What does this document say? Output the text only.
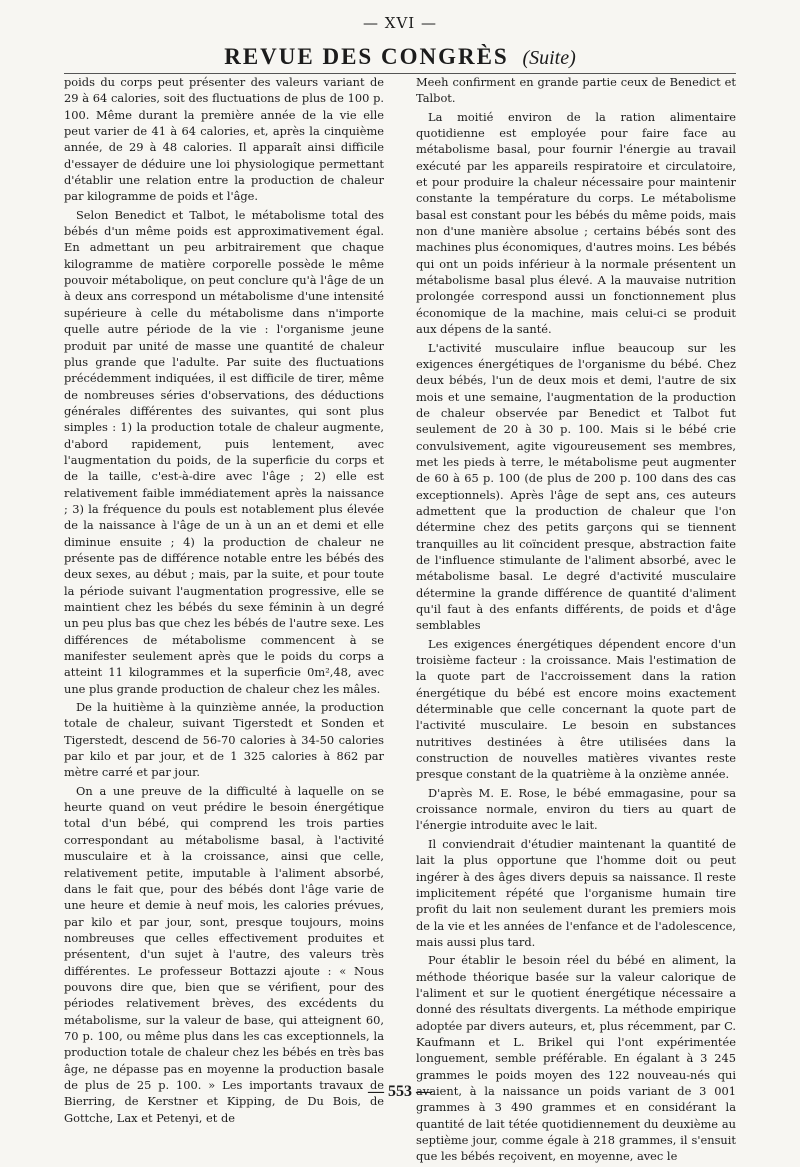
— XVI —
REVUE DES CONGRÈS (Suite)

poids du corps peut présenter des valeurs variant de 29 à 64 calories, soit des fluctuations de plus de 100 p. 100. Même durant la première année de la vie elle peut varier de 41 à 64 calories, et, après la cinquième année, de 29 à 48 calories. Il apparaît ainsi difficile d'essayer de déduire une loi physiologique permettant d'établir une relation entre la production de chaleur par kilogramme de poids et l'âge.

Selon Benedict et Talbot, le métabolisme total des bébés d'un même poids est approximativement égal. En admettant un peu arbitrairement que chaque kilogramme de matière corporelle possède le même pouvoir métabolique, on peut conclure qu'à l'âge de un à deux ans correspond un métabolisme d'une intensité supérieure à celle du métabolisme dans n'importe quelle autre période de la vie : l'organisme jeune produit par unité de masse une quantité de chaleur plus grande que l'adulte. Par suite des fluctuations précédemment indiquées, il est difficile de tirer, même de nombreuses séries d'observations, des déductions générales différentes des suivantes, qui sont plus simples : 1) la production totale de chaleur augmente, d'abord rapidement, puis lentement, avec l'augmentation du poids, de la superficie du corps et de la taille, c'est-à-dire avec l'âge ; 2) elle est relativement faible immédiatement après la naissance ; 3) la fréquence du pouls est notablement plus élevée de la naissance à l'âge de un à un an et demi et elle diminue ensuite ; 4) la production de chaleur ne présente pas de différence notable entre les bébés des deux sexes, au début ; mais, par la suite, et pour toute la période suivant l'augmentation progressive, elle se maintient chez les bébés du sexe féminin à un degré un peu plus bas que chez les bébés de l'autre sexe. Les différences de métabolisme commencent à se manifester seulement après que le poids du corps a atteint 11 kilogrammes et la superficie 0m²,48, avec une plus grande production de chaleur chez les mâles.

De la huitième à la quinzième année, la production totale de chaleur, suivant Tigerstedt et Sonden et Tigerstedt, descend de 56-70 calories à 34-50 calories par kilo et par jour, et de 1 325 calories à 862 par mètre carré et par jour.

On a une preuve de la difficulté à laquelle on se heurte quand on veut prédire le besoin énergétique total d'un bébé, qui comprend les trois parties correspondant au métabolisme basal, à l'activité musculaire et à la croissance, ainsi que celle, relativement petite, imputable à l'aliment absorbé, dans le fait que, pour des bébés dont l'âge varie de une heure et demie à neuf mois, les calories prévues, par kilo et par jour, sont, presque toujours, moins nombreuses que celles effectivement produites et présentent, d'un sujet à l'autre, des valeurs très différentes. Le professeur Bottazzi ajoute : « Nous pouvons dire que, bien que se vérifient, pour des périodes relativement brèves, des excédents du métabolisme, sur la valeur de base, qui atteignent 60, 70 p. 100, ou même plus dans les cas exceptionnels, la production totale de chaleur chez les bébés en très bas âge, ne dépasse pas en moyenne la production basale de plus de 25 p. 100. » Les importants travaux de Bierring, de Kerstner et Kipping, de Du Bois, de Gottche, Lax et Petenyi, et de

Meeh confirment en grande partie ceux de Benedict et Talbot.

La moitié environ de la ration alimentaire quotidienne est employée pour faire face au métabolisme basal, pour fournir l'énergie au travail exécuté par les appareils respiratoire et circulatoire, et pour produire la chaleur nécessaire pour maintenir constante la température du corps. Le métabolisme basal est constant pour les bébés du même poids, mais non d'une manière absolue ; certains bébés sont des machines plus économiques, d'autres moins. Les bébés qui ont un poids inférieur à la normale présentent un métabolisme basal plus élevé. A la mauvaise nutrition prolongée correspond aussi un fonctionnement plus économique de la machine, mais celui-ci se produit aux dépens de la santé.

L'activité musculaire influe beaucoup sur les exigences énergétiques de l'organisme du bébé. Chez deux bébés, l'un de deux mois et demi, l'autre de six mois et une semaine, l'augmentation de la production de chaleur observée par Benedict et Talbot fut seulement de 20 à 30 p. 100. Mais si le bébé crie convulsivement, agite vigoureusement ses membres, met les pieds à terre, le métabolisme peut augmenter de 60 à 65 p. 100 (de plus de 200 p. 100 dans des cas exceptionnels). Après l'âge de sept ans, ces auteurs admettent que la production de chaleur que l'on détermine chez des petits garçons qui se tiennent tranquilles au lit coïncident presque, abstraction faite de l'influence stimulante de l'aliment absorbé, avec le métabolisme basal. Le degré d'activité musculaire détermine la grande différence de quantité d'aliment qu'il faut à des enfants différents, de poids et d'âge semblables

Les exigences énergétiques dépendent encore d'un troisième facteur : la croissance. Mais l'estimation de la quote part de l'accroissement dans la ration énergétique du bébé est encore moins exactement déterminable que celle concernant la quote part de l'activité musculaire. Le besoin en substances nutritives destinées à être utilisées dans la construction de nouvelles matières vivantes reste presque constant de la quatrième à la onzième année.

D'après M. E. Rose, le bébé emmagasine, pour sa croissance normale, environ du tiers au quart de l'énergie introduite avec le lait.

Il conviendrait d'étudier maintenant la quantité de lait la plus opportune que l'homme doit ou peut ingérer à des âges divers depuis sa naissance. Il reste implicitement répété que l'organisme humain tire profit du lait non seulement durant les premiers mois de la vie et les années de l'enfance et de l'adolescence, mais aussi plus tard.

Pour établir le besoin réel du bébé en aliment, la méthode théorique basée sur la valeur calorique de l'aliment et sur le quotient énergétique nécessaire a donné des résultats divergents. La méthode empirique adoptée par divers auteurs, et, plus récemment, par C. Kaufmann et L. Brikel qui l'ont expérimentée longuement, semble préférable. En égalant à 3 245 grammes le poids moyen des 122 nouveau-nés qui avaient, à la naissance un poids variant de 3 001 grammes à 3 490 grammes et en considérant la quantité de lait tétée quotidiennement du deuxième au septième jour, comme égale à 218 grammes, il s'ensuit que les bébés reçoivent, en moyenne, avec le

— 553 —
